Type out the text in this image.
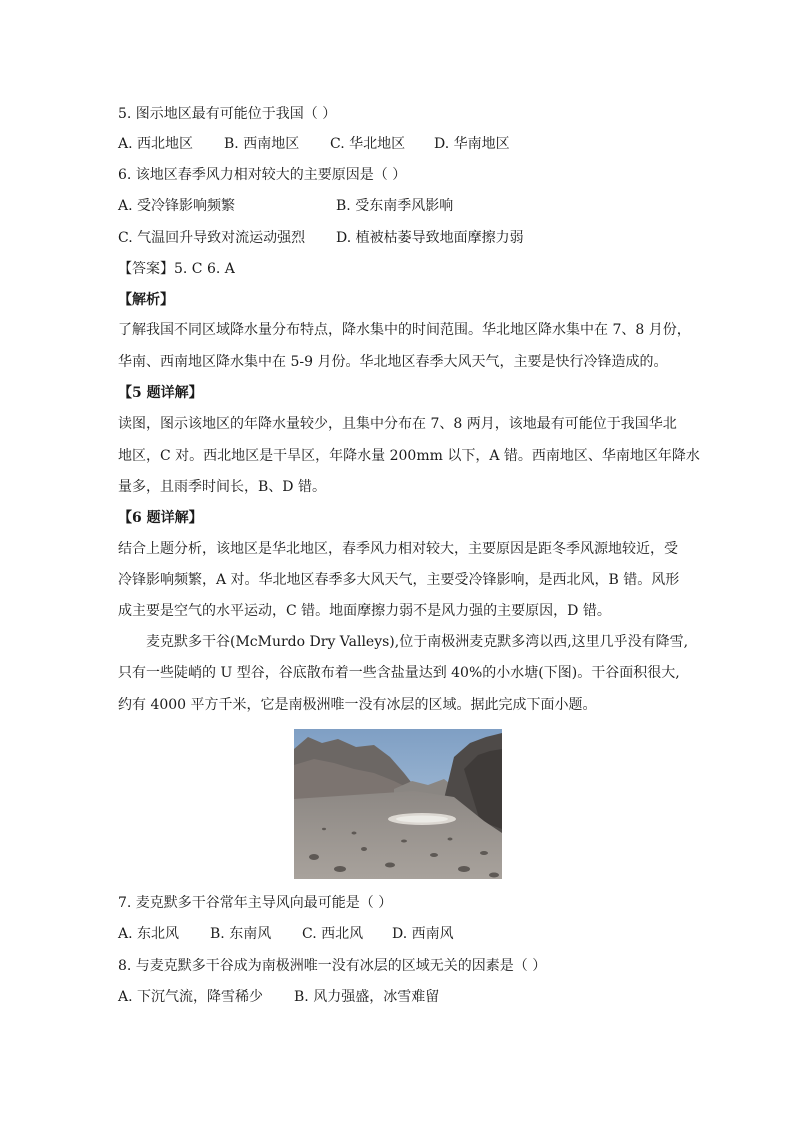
5. 图示地区最有可能位于我国（ ）
A. 西北地区 B. 西南地区 C. 华北地区 D. 华南地区
6. 该地区春季风力相对较大的主要原因是（ ）
A. 受冷锋影响频繁	B. 受东南季风影响
C. 气温回升导致对流运动强烈 D. 植被枯萎导致地面摩擦力弱
【答案】5. C 6. A
【解析】
了解我国不同区域降水量分布特点，降水集中的时间范围。华北地区降水集中在 7、8 月份，
华南、西南地区降水集中在 5-9 月份。华北地区春季大风天气，主要是快行冷锋造成的。
【5 题详解】
读图，图示该地区的年降水量较少，且集中分布在 7、8 两月，该地最有可能位于我国华北
地区，C 对。西北地区是干旱区，年降水量 200mm 以下，A 错。西南地区、华南地区年降水
量多，且雨季时间长，B、D 错。
【6 题详解】
结合上题分析，该地区是华北地区，春季风力相对较大，主要原因是距冬季风源地较近，受
冷锋影响频繁，A 对。华北地区春季多大风天气，主要受冷锋影响，是西北风，B 错。风形
成主要是空气的水平运动，C 错。地面摩擦力弱不是风力强的主要原因，D 错。
麦克默多干谷(McMurdo Dry Valleys),位于南极洲麦克默多湾以西,这里几乎没有降雪,
只有一些陡峭的 U 型谷，谷底散布着一些含盐量达到 40%的小水塘(下图)。干谷面积很大,
约有 4000 平方千米，它是南极洲唯一没有冰层的区域。据此完成下面小题。
7. 麦克默多干谷常年主导风向最可能是（ ）
A. 东北风 B. 东南风 C. 西北风 D. 西南风
8. 与麦克默多干谷成为南极洲唯一没有冰层的区域无关的因素是（ ）
A. 下沉气流，降雪稀少 B. 风力强盛，冰雪难留
